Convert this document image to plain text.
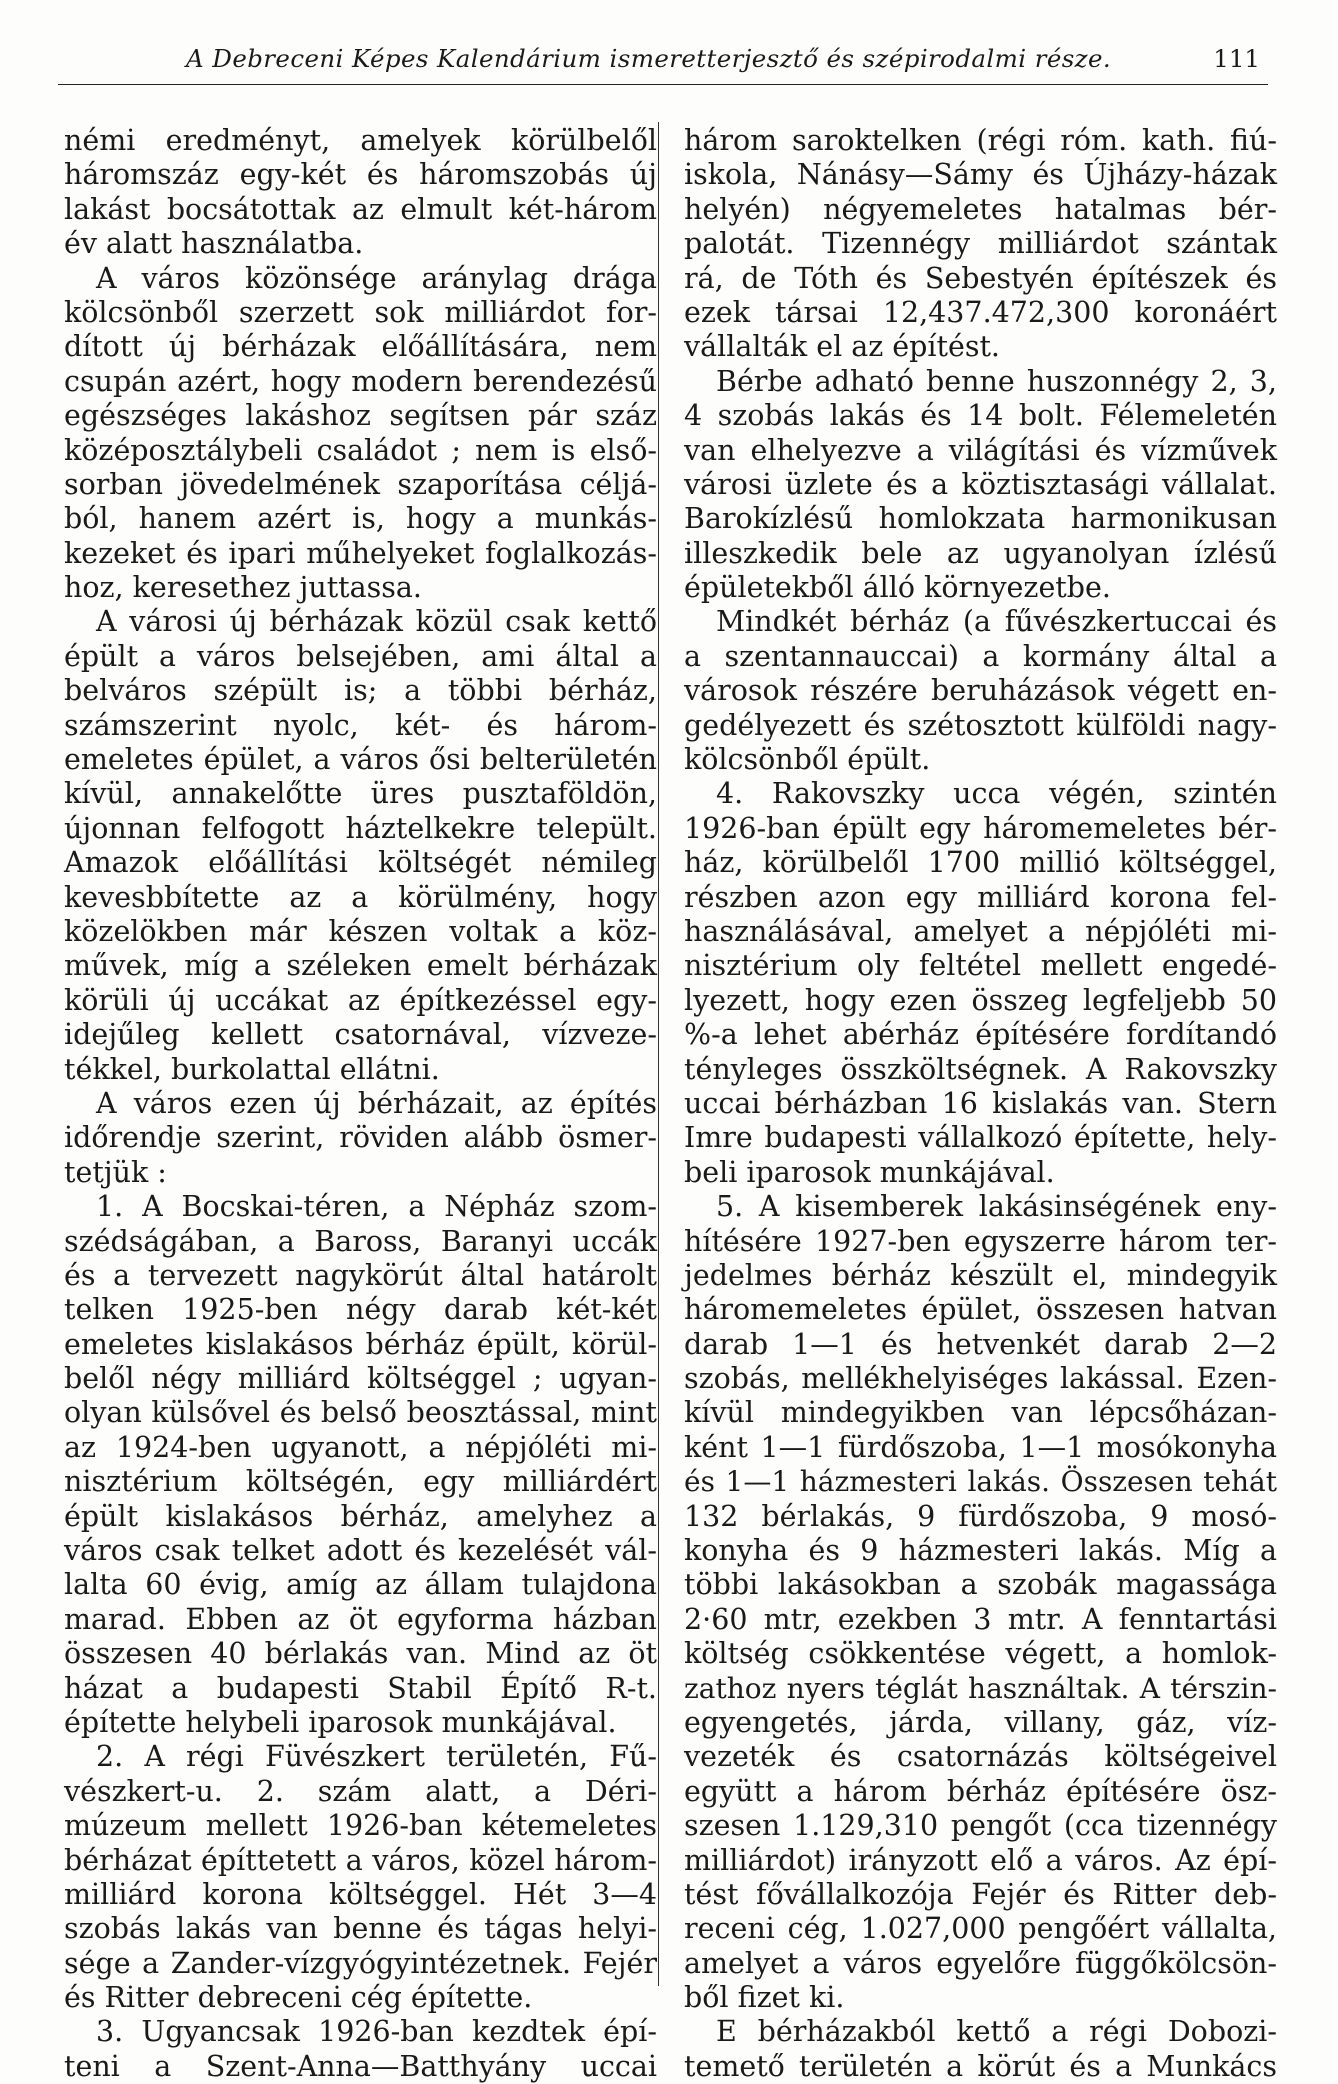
A Debreceni Képes Kalendárium ismeretterjesztő és szépirodalmi része.	111
némi eredményt, amelyek körülbelől
háromszáz egy-két és háromszobás új
lakást bocsátottak az elmult két-három
év alatt használatba.
A város közönsége aránylag drága
kölcsönből szerzett sok milliárdot for-
dított új bérházak előállítására, nem
csupán azért, hogy modern berendezésű
egészséges lakáshoz segítsen pár száz
középosztálybeli családot ; nem is első-
sorban jövedelmének szaporítása céljá-
ból, hanem azért is, hogy a munkás-
kezeket és ipari műhelyeket foglalkozás-
hoz, keresethez juttassa.
A városi új bérházak közül csak kettő
épült a város belsejében, ami által a
belváros szépült is; a többi bérház,
számszerint nyolc, két- és három-
emeletes épület, a város ősi belterületén
kívül, annakelőtte üres pusztaföldön,
újonnan felfogott háztelkekre települt.
Amazok előállítási költségét némileg
kevesbbítette az a körülmény, hogy
közelökben már készen voltak a köz-
művek, míg a széleken emelt bérházak
körüli új uccákat az építkezéssel egy-
idejűleg kellett csatornával, vízveze-
tékkel, burkolattal ellátni.
A város ezen új bérházait, az építés
időrendje szerint, röviden alább ösmer-
tetjük :
1. A Bocskai-téren, a Népház szom-
szédságában, a Baross, Baranyi uccák
és a tervezett nagykörút által határolt
telken 1925-ben négy darab két-két
emeletes kislakásos bérház épült, körül-
belől négy milliárd költséggel ; ugyan-
olyan külsővel és belső beosztással, mint
az 1924-ben ugyanott, a népjóléti mi-
nisztérium költségén, egy milliárdért
épült kislakásos bérház, amelyhez a
város csak telket adott és kezelését vál-
lalta 60 évig, amíg az állam tulajdona
marad. Ebben az öt egyforma házban
összesen 40 bérlakás van. Mind az öt
házat a budapesti Stabil Építő R-t.
építette helybeli iparosok munkájával.
2. A régi Füvészkert területén, Fű-
vészkert-u. 2. szám alatt, a Déri-
múzeum mellett 1926-ban kétemeletes
bérházat építtetett a város, közel három-
milliárd korona költséggel. Hét 3—4
szobás lakás van benne és tágas helyi-
sége a Zander-vízgyógyintézetnek. Fejér
és Ritter debreceni cég építette.
3. Ugyancsak 1926-ban kezdtek épí-
teni a Szent-Anna—Batthyány uccai
három saroktelken (régi róm. kath. fiú-
iskola, Nánásy—Sámy és Újházy-házak
helyén) négyemeletes hatalmas bér-
palotát. Tizennégy milliárdot szántak
rá, de Tóth és Sebestyén építészek és
ezek társai 12,437.472,300 koronáért
vállalták el az építést.
Bérbe adható benne huszonnégy 2, 3,
4 szobás lakás és 14 bolt. Félemeletén
van elhelyezve a világítási és vízművek
városi üzlete és a köztisztasági vállalat.
Barokízlésű homlokzata harmonikusan
illeszkedik bele az ugyanolyan ízlésű
épületekből álló környezetbe.
Mindkét bérház (a fűvészkertuccai és
a szentannauccai) a kormány által a
városok részére beruházások végett en-
gedélyezett és szétosztott külföldi nagy-
kölcsönből épült.
4. Rakovszky ucca végén, szintén
1926-ban épült egy háromemeletes bér-
ház, körülbelől 1700 millió költséggel,
részben azon egy milliárd korona fel-
használásával, amelyet a népjóléti mi-
nisztérium oly feltétel mellett engedé-
lyezett, hogy ezen összeg legfeljebb 50
%-a lehet abérház építésére fordítandó
tényleges összköltségnek. A Rakovszky
uccai bérházban 16 kislakás van. Stern
Imre budapesti vállalkozó építette, hely-
beli iparosok munkájával.
5. A kisemberek lakásinségének eny-
hítésére 1927-ben egyszerre három ter-
jedelmes bérház készült el, mindegyik
háromemeletes épület, összesen hatvan
darab 1—1 és hetvenkét darab 2—2
szobás, mellékhelyiséges lakással. Ezen-
kívül mindegyikben van lépcsőházan-
ként 1—1 fürdőszoba, 1—1 mosókonyha
és 1—1 házmesteri lakás. Összesen tehát
132 bérlakás, 9 fürdőszoba, 9 mosó-
konyha és 9 házmesteri lakás. Míg a
többi lakásokban a szobák magassága
2·60 mtr, ezekben 3 mtr. A fenntartási
költség csökkentése végett, a homlok-
zathoz nyers téglát használtak. A térszin-
egyengetés, járda, villany, gáz, víz-
vezeték és csatornázás költségeivel
együtt a három bérház építésére ösz-
szesen 1.129,310 pengőt (cca tizennégy
milliárdot) irányzott elő a város. Az épí-
tést fővállalkozója Fejér és Ritter deb-
receni cég, 1.027,000 pengőért vállalta,
amelyet a város egyelőre függőkölcsön-
ből fizet ki.
E bérházakból kettő a régi Dobozi-
temető területén a körút és a Munkács
